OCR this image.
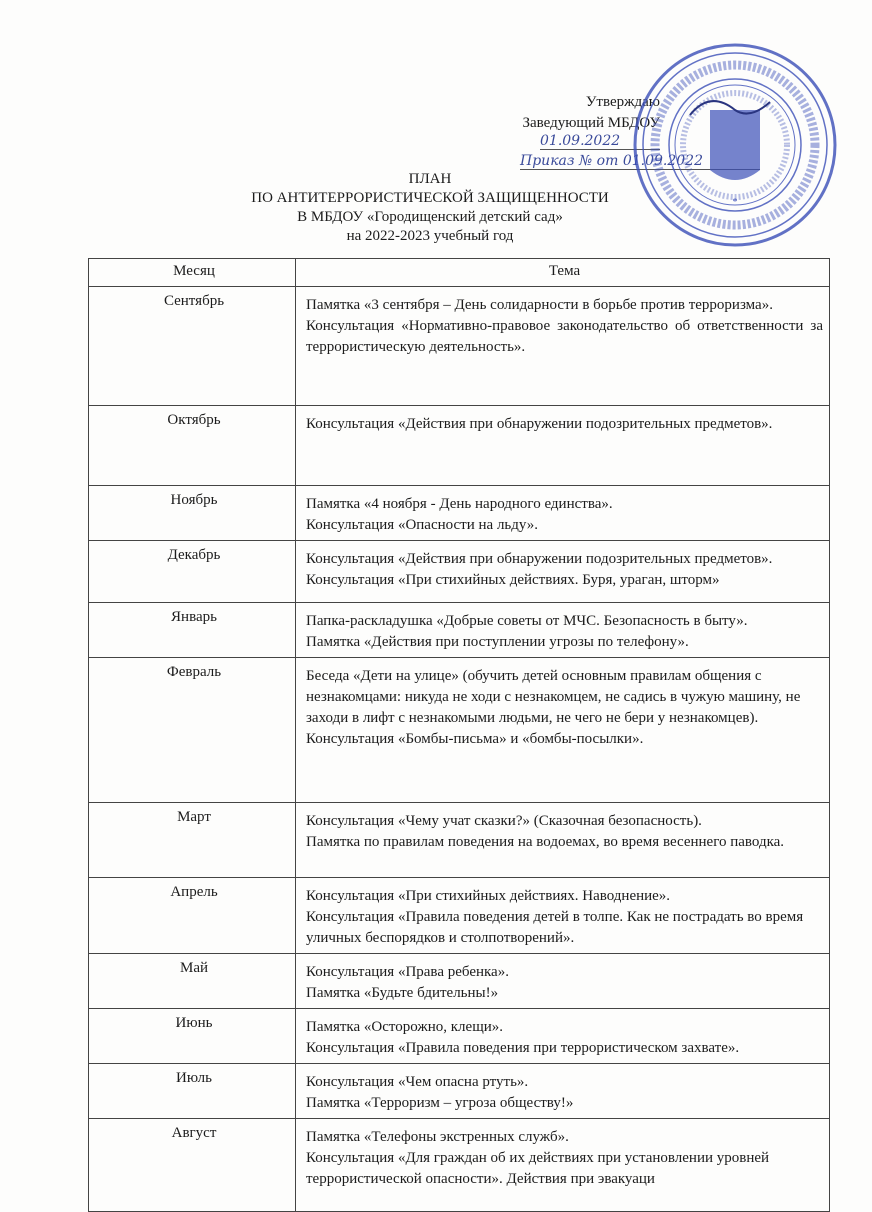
Утверждаю
Заведующий МБДОУ
01.09.2022
Приказ № от 01.09.2022
*
ПЛАН
ПО АНТИТЕРРОРИСТИЧЕСКОЙ ЗАЩИЩЕННОСТИ
В МБДОУ «Городищенский детский сад»
на 2022-2023 учебный год
Месяц	Тема
Сентябрь	Памятка «3 сентября – День солидарности в борьбе против терроризма».
Консультация «Нормативно-правовое законодательство об ответственности за террористическую деятельность».

Октябрь	Консультация «Действия при обнаружении подозрительных предметов».

Ноябрь	Памятка «4 ноября - День народного единства».
Консультация «Опасности на льду».

Декабрь	Консультация «Действия при обнаружении подозрительных предметов».
Консультация «При стихийных действиях. Буря, ураган, шторм»

Январь	Папка-раскладушка «Добрые советы от МЧС. Безопасность в быту».
Памятка «Действия при поступлении угрозы по телефону».

Февраль	Беседа «Дети на улице» (обучить детей основным правилам общения с незнакомцами: никуда не ходи с незнакомцем, не садись в чужую машину, не заходи в лифт с незнакомыми людьми, не чего не бери у незнакомцев).
Консультация «Бомбы-письма» и «бомбы-посылки».

Март	Консультация «Чему учат сказки?» (Сказочная безопасность).
Памятка по правилам поведения на водоемах, во время весеннего паводка.

Апрель	Консультация «При стихийных действиях. Наводнение».
Консультация «Правила поведения детей в толпе. Как не пострадать во время уличных беспорядков и столпотворений».

Май	Консультация «Права ребенка».
Памятка «Будьте бдительны!»

Июнь	Памятка «Осторожно, клещи».
Консультация «Правила поведения при террористическом захвате».

Июль	Консультация «Чем опасна ртуть».
Памятка «Терроризм – угроза обществу!»

Август	Памятка «Телефоны экстренных служб».
Консультация «Для граждан об их действиях при установлении уровней террористической опасности». Действия при эвакуаци
